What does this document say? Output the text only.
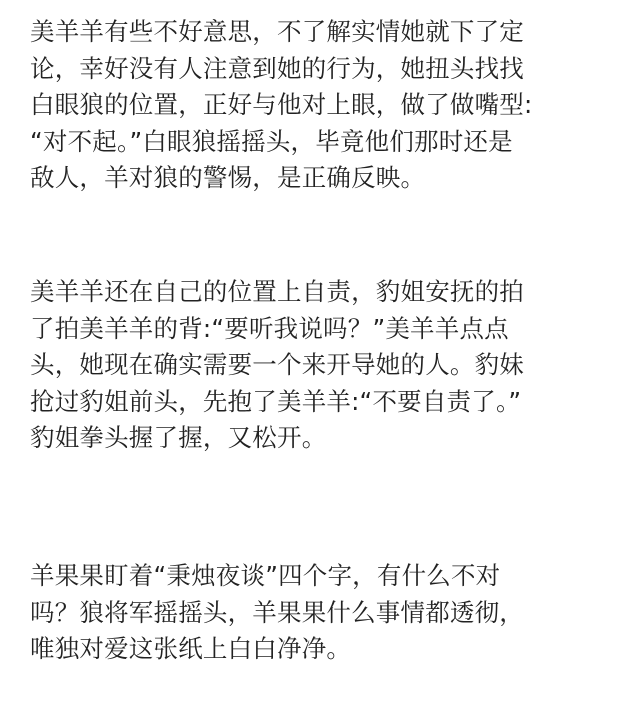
美羊羊有些不好意思，不了解实情她就下了定
论，幸好没有人注意到她的行为，她扭头找找
白眼狼的位置，正好与他对上眼，做了做嘴型:
“对不起。”白眼狼摇摇头，毕竟他们那时还是
敌人，羊对狼的警惕，是正确反映。
美羊羊还在自己的位置上自责，豹姐安抚的拍
了拍美羊羊的背:“要听我说吗？”美羊羊点点
头，她现在确实需要一个来开导她的人。豹妹
抢过豹姐前头，先抱了美羊羊:“不要自责了。”
豹姐拳头握了握，又松开。
羊果果盯着“秉烛夜谈”四个字，有什么不对
吗？狼将军摇摇头，羊果果什么事情都透彻，
唯独对爱这张纸上白白净净。
